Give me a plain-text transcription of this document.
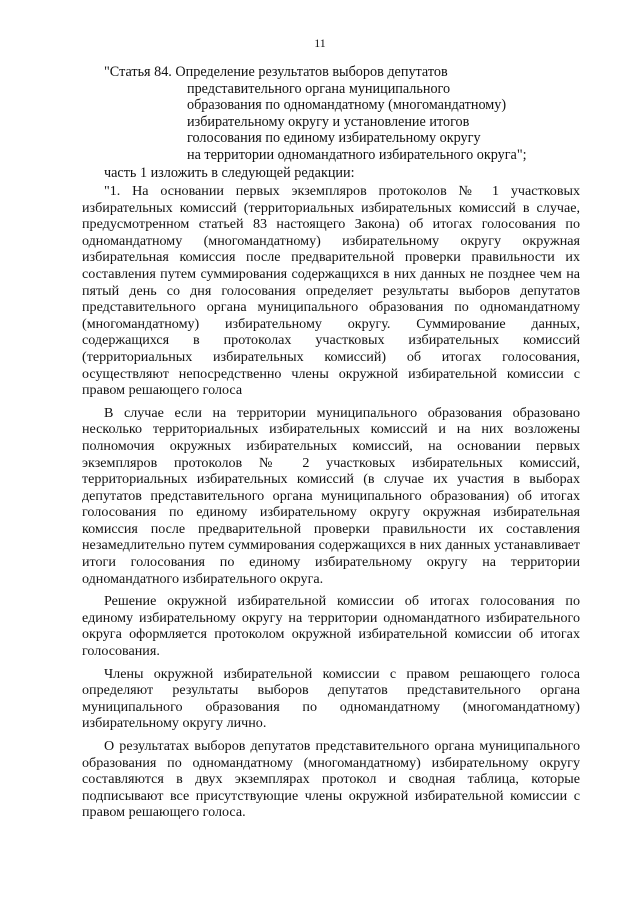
11
"Статья 84. Определение результатов выборов депутатов
представительного органа муниципального
образования по одномандатному (многомандатному)
избирательному округу и установление итогов
голосования по единому избирательному округу
на территории одномандатного избирательного округа";
часть 1 изложить в следующей редакции:

"1. На основании первых экземпляров протоколов № 1 участковых избирательных комиссий (территориальных избирательных комиссий в случае, предусмотренном статьей 83 настоящего Закона) об итогах голосования по одномандатному (многомандатному) избирательному округу окружная избирательная комиссия после предварительной проверки правильности их составления путем суммирования содержащихся в них данных не позднее чем на пятый день со дня голосования определяет результаты выборов депутатов представительного органа муниципального образования по одномандатному (многомандатному) избирательному округу. Суммирование данных, содержащихся в протоколах участковых избирательных комиссий (территориальных избирательных комиссий) об итогах голосования, осуществляют непосредственно члены окружной избирательной комиссии с правом решающего голоса

В случае если на территории муниципального образования образовано несколько территориальных избирательных комиссий и на них возложены полномочия окружных избирательных комиссий, на основании первых экземпляров протоколов № 2 участковых избирательных комиссий, территориальных избирательных комиссий (в случае их участия в выборах депутатов представительного органа муниципального образования) об итогах голосования по единому избирательному округу окружная избирательная комиссия после предварительной проверки правильности их составления незамедлительно путем суммирования содержащихся в них данных устанавливает итоги голосования по единому избирательному округу на территории одномандатного избирательного округа.

Решение окружной избирательной комиссии об итогах голосования по единому избирательному округу на территории одномандатного избирательного округа оформляется протоколом окружной избирательной комиссии об итогах голосования.

Члены окружной избирательной комиссии с правом решающего голоса определяют результаты выборов депутатов представительного органа муниципального образования по одномандатному (многомандатному) избирательному округу лично.

О результатах выборов депутатов представительного органа муниципального образования по одномандатному (многомандатному) избирательному округу составляются в двух экземплярах протокол и сводная таблица, которые подписывают все присутствующие члены окружной избирательной комиссии с правом решающего голоса.
